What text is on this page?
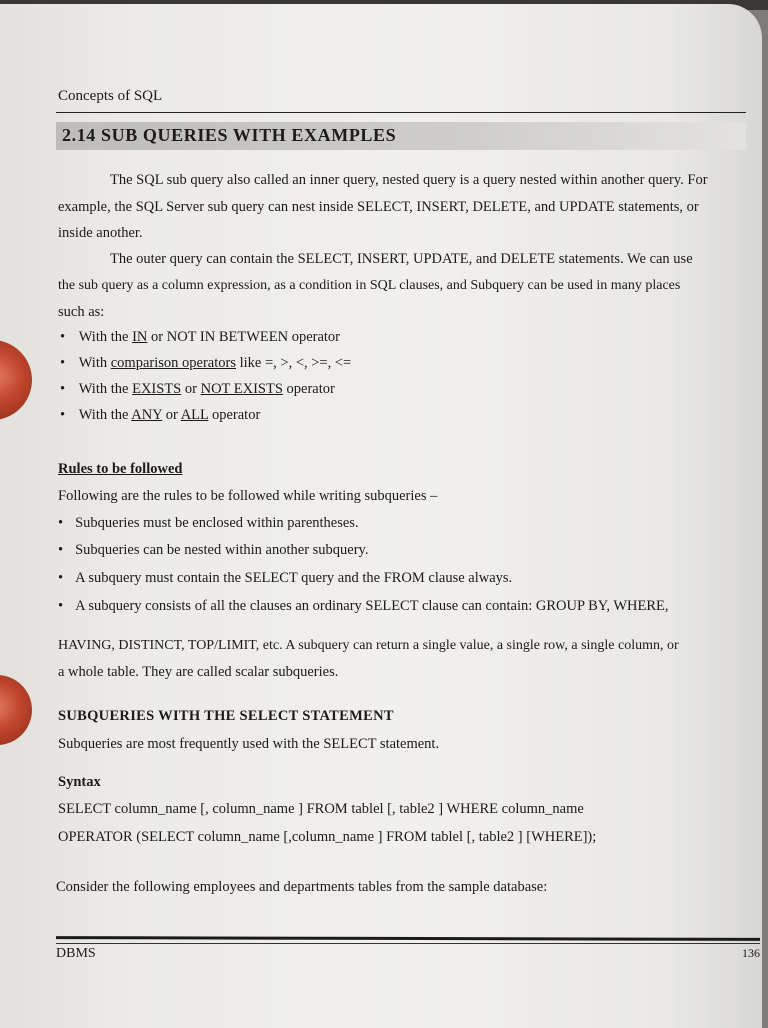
Concepts of SQL
2.14 SUB QUERIES WITH EXAMPLES
The SQL sub query also called an inner query, nested query is a query nested within another query. For
example, the SQL Server sub query can nest inside SELECT, INSERT, DELETE, and UPDATE statements, or
inside another.
The outer query can contain the SELECT, INSERT, UPDATE, and DELETE statements. We can use
the sub query as a column expression, as a condition in SQL clauses, and Subquery can be used in many places
such as:
• With the IN or NOT IN BETWEEN operator
• With comparison operators like =, >, <, >=, <=
• With the EXISTS or NOT EXISTS operator
• With the ANY or ALL operator
Rules to be followed
Following are the rules to be followed while writing subqueries –
• Subqueries must be enclosed within parentheses.
• Subqueries can be nested within another subquery.
• A subquery must contain the SELECT query and the FROM clause always.
• A subquery consists of all the clauses an ordinary SELECT clause can contain: GROUP BY, WHERE,
HAVING, DISTINCT, TOP/LIMIT, etc. A subquery can return a single value, a single row, a single column, or
a whole table. They are called scalar subqueries.
SUBQUERIES WITH THE SELECT STATEMENT
Subqueries are most frequently used with the SELECT statement.
Syntax
SELECT column_name [, column_name ] FROM tablel [, table2 ] WHERE column_name
OPERATOR (SELECT column_name [,column_name ] FROM tablel [, table2 ] [WHERE]);
Consider the following employees and departments tables from the sample database:
DBMS	136
